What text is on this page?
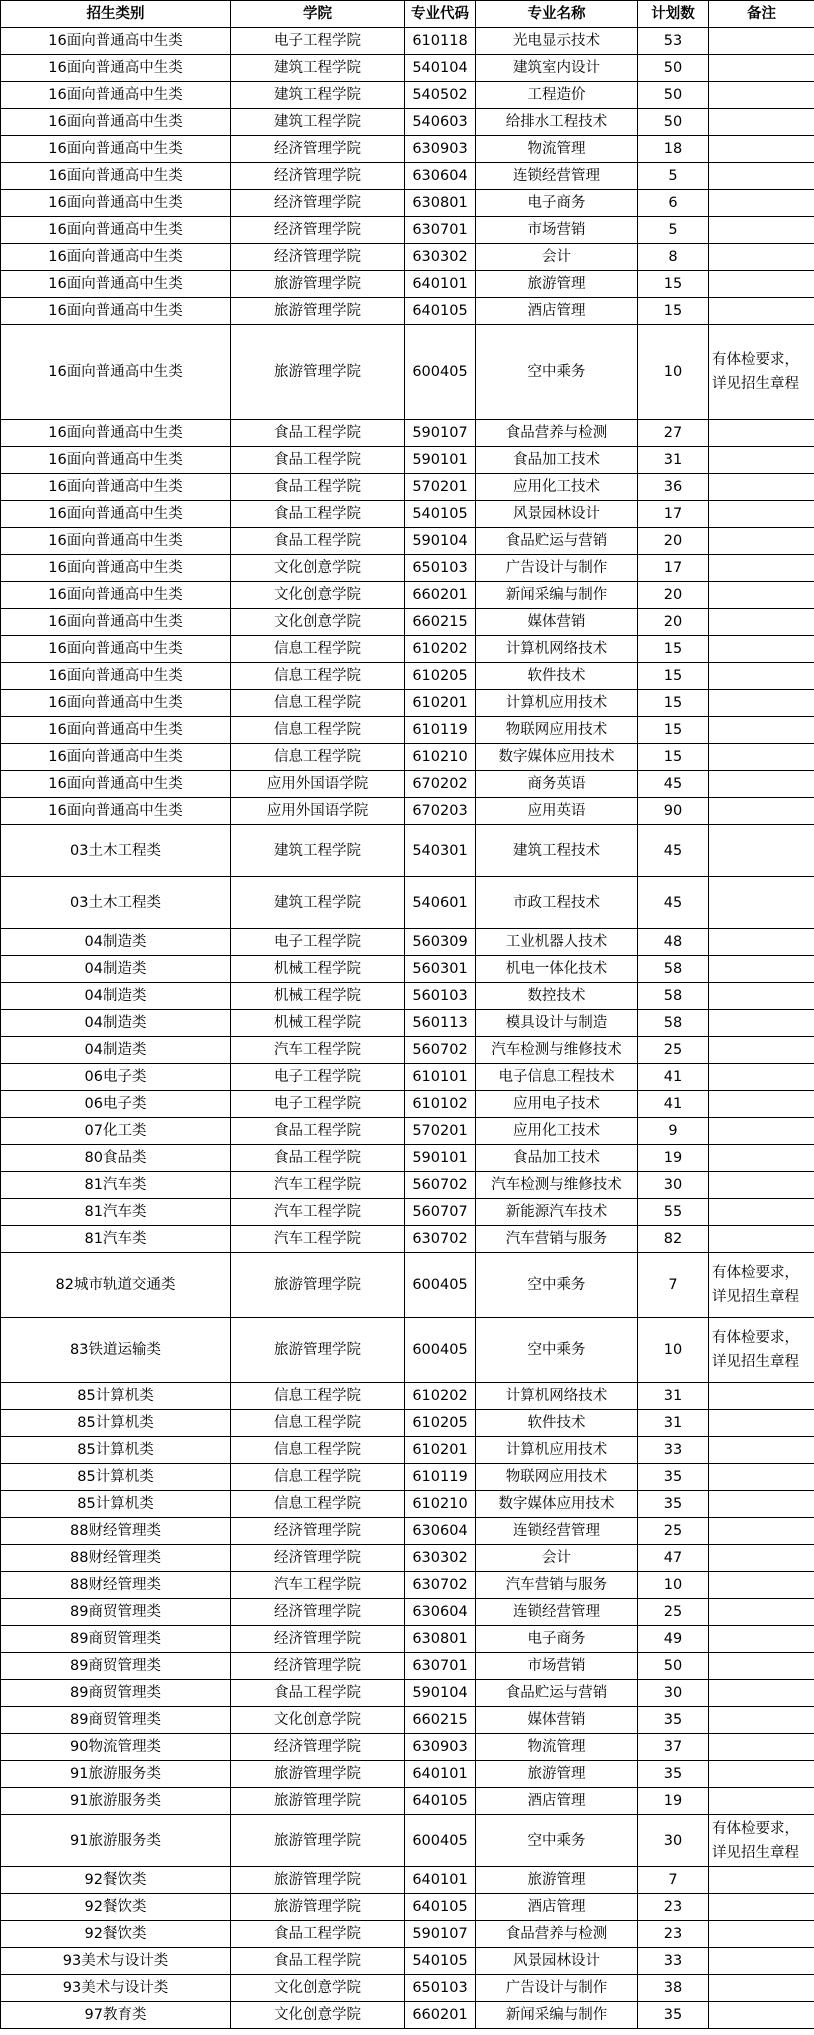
招生类别	学院	专业代码	专业名称	计划数	备注
16面向普通高中生类	电子工程学院	610118	光电显示技术	53	
16面向普通高中生类	建筑工程学院	540104	建筑室内设计	50	
16面向普通高中生类	建筑工程学院	540502	工程造价	50	
16面向普通高中生类	建筑工程学院	540603	给排水工程技术	50	
16面向普通高中生类	经济管理学院	630903	物流管理	18	
16面向普通高中生类	经济管理学院	630604	连锁经营管理	5	
16面向普通高中生类	经济管理学院	630801	电子商务	6	
16面向普通高中生类	经济管理学院	630701	市场营销	5	
16面向普通高中生类	经济管理学院	630302	会计	8	
16面向普通高中生类	旅游管理学院	640101	旅游管理	15	
16面向普通高中生类	旅游管理学院	640105	酒店管理	15	
16面向普通高中生类	旅游管理学院	600405	空中乘务	10	有体检要求，详见招生章程
16面向普通高中生类	食品工程学院	590107	食品营养与检测	27	
16面向普通高中生类	食品工程学院	590101	食品加工技术	31	
16面向普通高中生类	食品工程学院	570201	应用化工技术	36	
16面向普通高中生类	食品工程学院	540105	风景园林设计	17	
16面向普通高中生类	食品工程学院	590104	食品贮运与营销	20	
16面向普通高中生类	文化创意学院	650103	广告设计与制作	17	
16面向普通高中生类	文化创意学院	660201	新闻采编与制作	20	
16面向普通高中生类	文化创意学院	660215	媒体营销	20	
16面向普通高中生类	信息工程学院	610202	计算机网络技术	15	
16面向普通高中生类	信息工程学院	610205	软件技术	15	
16面向普通高中生类	信息工程学院	610201	计算机应用技术	15	
16面向普通高中生类	信息工程学院	610119	物联网应用技术	15	
16面向普通高中生类	信息工程学院	610210	数字媒体应用技术	15	
16面向普通高中生类	应用外国语学院	670202	商务英语	45	
16面向普通高中生类	应用外国语学院	670203	应用英语	90	
03土木工程类	建筑工程学院	540301	建筑工程技术	45	
03土木工程类	建筑工程学院	540601	市政工程技术	45	
04制造类	电子工程学院	560309	工业机器人技术	48	
04制造类	机械工程学院	560301	机电一体化技术	58	
04制造类	机械工程学院	560103	数控技术	58	
04制造类	机械工程学院	560113	模具设计与制造	58	
04制造类	汽车工程学院	560702	汽车检测与维修技术	25	
06电子类	电子工程学院	610101	电子信息工程技术	41	
06电子类	电子工程学院	610102	应用电子技术	41	
07化工类	食品工程学院	570201	应用化工技术	9	
80食品类	食品工程学院	590101	食品加工技术	19	
81汽车类	汽车工程学院	560702	汽车检测与维修技术	30	
81汽车类	汽车工程学院	560707	新能源汽车技术	55	
81汽车类	汽车工程学院	630702	汽车营销与服务	82	
82城市轨道交通类	旅游管理学院	600405	空中乘务	7	有体检要求，详见招生章程
83铁道运输类	旅游管理学院	600405	空中乘务	10	有体检要求，详见招生章程
85计算机类	信息工程学院	610202	计算机网络技术	31	
85计算机类	信息工程学院	610205	软件技术	31	
85计算机类	信息工程学院	610201	计算机应用技术	33	
85计算机类	信息工程学院	610119	物联网应用技术	35	
85计算机类	信息工程学院	610210	数字媒体应用技术	35	
88财经管理类	经济管理学院	630604	连锁经营管理	25	
88财经管理类	经济管理学院	630302	会计	47	
88财经管理类	汽车工程学院	630702	汽车营销与服务	10	
89商贸管理类	经济管理学院	630604	连锁经营管理	25	
89商贸管理类	经济管理学院	630801	电子商务	49	
89商贸管理类	经济管理学院	630701	市场营销	50	
89商贸管理类	食品工程学院	590104	食品贮运与营销	30	
89商贸管理类	文化创意学院	660215	媒体营销	35	
90物流管理类	经济管理学院	630903	物流管理	37	
91旅游服务类	旅游管理学院	640101	旅游管理	35	
91旅游服务类	旅游管理学院	640105	酒店管理	19	
91旅游服务类	旅游管理学院	600405	空中乘务	30	有体检要求，详见招生章程
92餐饮类	旅游管理学院	640101	旅游管理	7	
92餐饮类	旅游管理学院	640105	酒店管理	23	
92餐饮类	食品工程学院	590107	食品营养与检测	23	
93美术与设计类	食品工程学院	540105	风景园林设计	33	
93美术与设计类	文化创意学院	650103	广告设计与制作	38	
97教育类	文化创意学院	660201	新闻采编与制作	35	
